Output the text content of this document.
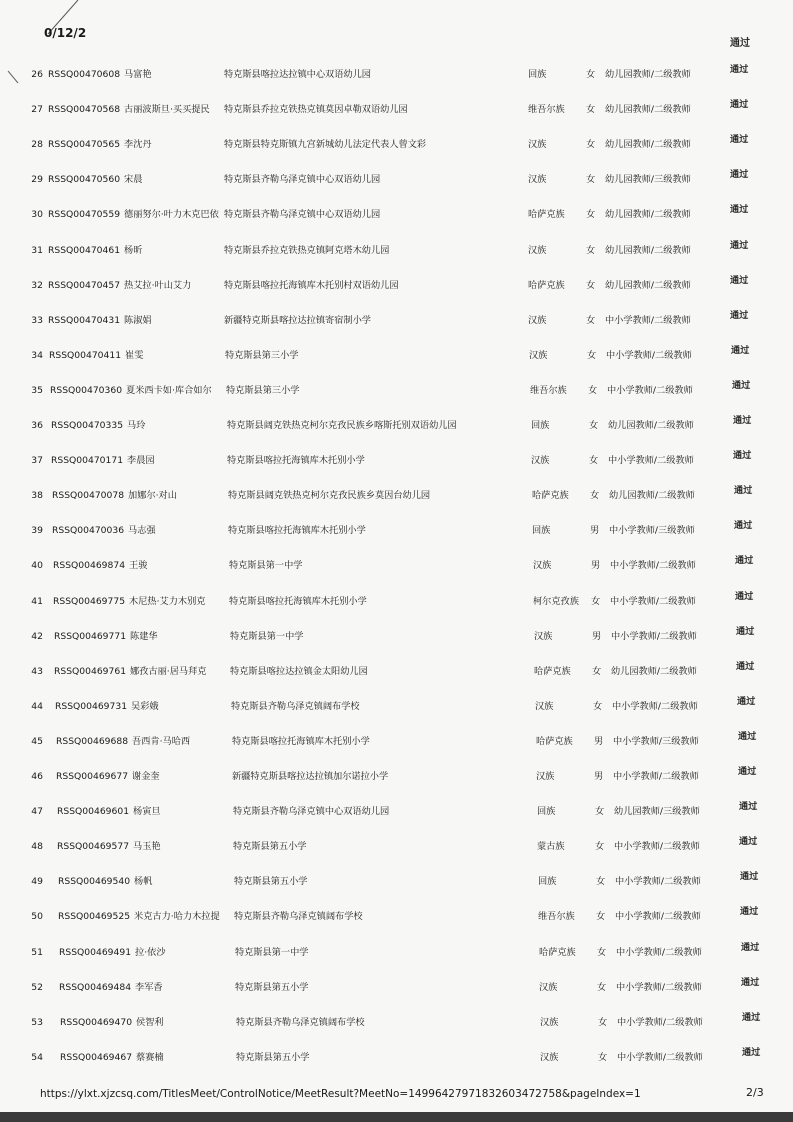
0/12/2
通过
26 RSSQ00470608 马富艳	特克斯县喀拉达拉镇中心双语幼儿园	回族	女 幼儿园教师/二级教师	通过
27 RSSQ00470568 古丽波斯旦·买买提民 特克斯县乔拉克铁热克镇莫因卓勒双语幼儿园	维吾尔族 女 幼儿园教师/二级教师	通过
28 RSSQ00470565 李沈丹	特克斯县特克斯镇九宫新城幼儿法定代表人曾文彩	汉族	女 幼儿园教师/二级教师	通过
29 RSSQ00470560 宋晨	特克斯县齐勒乌泽克镇中心双语幼儿园	汉族	女 幼儿园教师/三级教师	通过
30 RSSQ00470559 德丽努尔·叶力木克巴依 特克斯县齐勒乌泽克镇中心双语幼儿园	哈萨克族 女 幼儿园教师/二级教师	通过
31 RSSQ00470461 杨昕	特克斯县乔拉克铁热克镇阿克塔木幼儿园	汉族	女 幼儿园教师/二级教师	通过
32 RSSQ00470457 热艾拉·叶山艾力	特克斯县喀拉托海镇库木托别村双语幼儿园	哈萨克族 女 幼儿园教师/二级教师	通过
33 RSSQ00470431 陈淑娟	新疆特克斯县喀拉达拉镇寄宿制小学	汉族	女 中小学教师/二级教师	通过
34 RSSQ00470411 崔雯	特克斯县第三小学	汉族	女 中小学教师/二级教师	通过
35 RSSQ00470360 夏米西卡如·库合如尔 特克斯县第三小学	维吾尔族 女 中小学教师/二级教师	通过
36 RSSQ00470335 马玲	特克斯县阔克铁热克柯尔克孜民族乡喀斯托别双语幼儿园	回族	女 幼儿园教师/二级教师	通过
37 RSSQ00470171 李晨园	特克斯县喀拉托海镇库木托别小学	汉族	女 中小学教师/二级教师	通过
38 RSSQ00470078 加娜尔·对山	特克斯县阔克铁热克柯尔克孜民族乡莫因台幼儿园	哈萨克族 女 幼儿园教师/二级教师	通过
39 RSSQ00470036 马志强	特克斯县喀拉托海镇库木托别小学	回族	男 中小学教师/三级教师	通过
40 RSSQ00469874 王骏	特克斯县第一中学	汉族	男 中小学教师/二级教师	通过
41 RSSQ00469775 木尼热·艾力木别克	特克斯县喀拉托海镇库木托别小学	柯尔克孜族 女 中小学教师/二级教师	通过
42 RSSQ00469771 陈建华	特克斯县第一中学	汉族	男 中小学教师/二级教师	通过
43 RSSQ00469761 娜孜古丽·居马拜克	特克斯县喀拉达拉镇金太阳幼儿园	哈萨克族 女 幼儿园教师/二级教师	通过
44 RSSQ00469731 吴彩娥	特克斯县齐勒乌泽克镇阔布学校	汉族	女 中小学教师/二级教师	通过
45 RSSQ00469688 吾西肯·马哈西	特克斯县喀拉托海镇库木托别小学	哈萨克族 男 中小学教师/三级教师	通过
46 RSSQ00469677 谢金奎	新疆特克斯县喀拉达拉镇加尔诺拉小学	汉族	男 中小学教师/二级教师	通过
47 RSSQ00469601 杨寅旦	特克斯县齐勒乌泽克镇中心双语幼儿园	回族	女 幼儿园教师/三级教师	通过
48 RSSQ00469577 马玉艳	特克斯县第五小学	蒙古族	女 中小学教师/二级教师	通过
49 RSSQ00469540 杨帆	特克斯县第五小学	回族	女 中小学教师/二级教师	通过
50 RSSQ00469525 米克古力·哈力木拉提 特克斯县齐勒乌泽克镇阔布学校	维吾尔族 女 中小学教师/二级教师	通过
51 RSSQ00469491 拉·依沙	特克斯县第一中学	哈萨克族 女 中小学教师/二级教师	通过
52 RSSQ00469484 李军香	特克斯县第五小学	汉族	女 中小学教师/二级教师	通过
53 RSSQ00469470 侯智利	特克斯县齐勒乌泽克镇阔布学校	汉族	女 中小学教师/二级教师	通过
54 RSSQ00469467 蔡赛楠	特克斯县第五小学	汉族	女 中小学教师/二级教师	通过
https://ylxt.xjzcsq.com/TitlesMeet/ControlNotice/MeetResult?MeetNo=14996427971832603472758&pageIndex=1	2/3
